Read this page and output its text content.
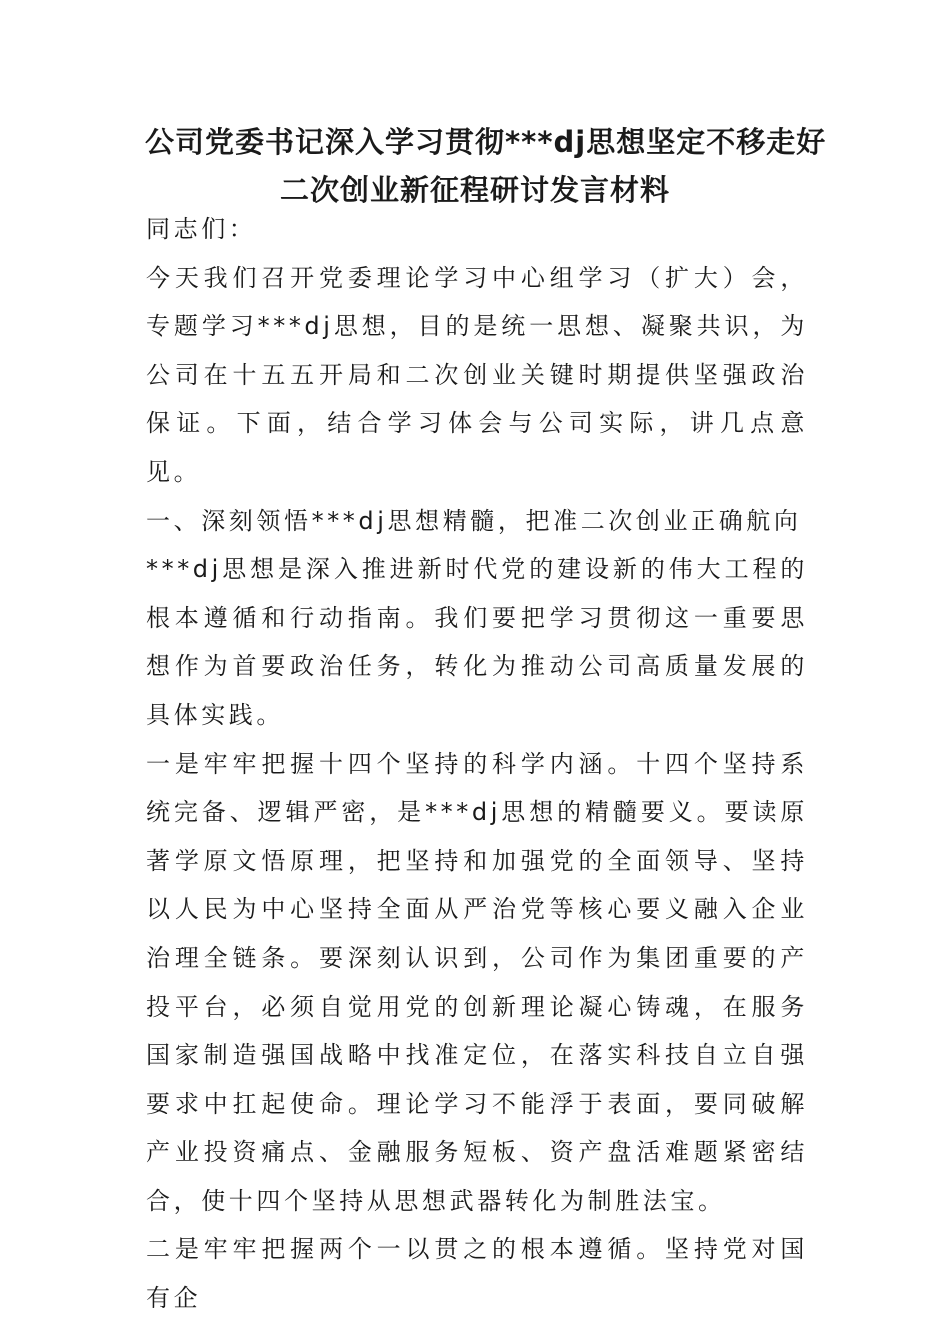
公司党委书记深入学习贯彻***dj思想坚定不移走好
二次创业新征程研讨发言材料

同志们：

今天我们召开党委理论学习中心组学习（扩大）会，专题学习***dj思想，目的是统一思想、凝聚共识，为公司在十五五开局和二次创业关键时期提供坚强政治保证。下面，结合学习体会与公司实际，讲几点意见。

一、深刻领悟***dj思想精髓，把准二次创业正确航向

***dj思想是深入推进新时代党的建设新的伟大工程的根本遵循和行动指南。我们要把学习贯彻这一重要思想作为首要政治任务，转化为推动公司高质量发展的具体实践。

一是牢牢把握十四个坚持的科学内涵。十四个坚持系统完备、逻辑严密，是***dj思想的精髓要义。要读原著学原文悟原理，把坚持和加强党的全面领导、坚持以人民为中心坚持全面从严治党等核心要义融入企业治理全链条。要深刻认识到，公司作为集团重要的产投平台，必须自觉用党的创新理论凝心铸魂，在服务国家制造强国战略中找准定位，在落实科技自立自强要求中扛起使命。理论学习不能浮于表面，要同破解产业投资痛点、金融服务短板、资产盘活难题紧密结合，使十四个坚持从思想武器转化为制胜法宝。

二是牢牢把握两个一以贯之的根本遵循。坚持党对国有企
